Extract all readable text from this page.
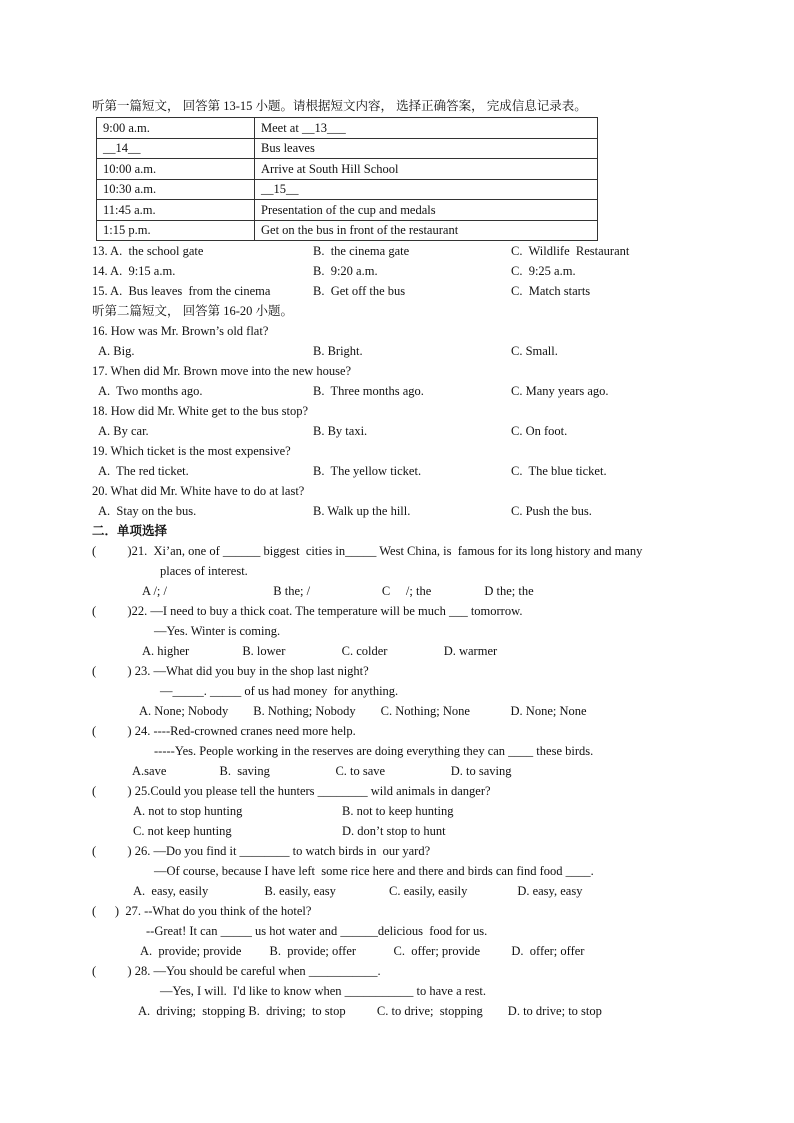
听第一篇短文， 回答第 13-15 小题。请根据短文内容， 选择正确答案， 完成信息记录表。
9:00 a.m.	Meet at __13___
__14__	Bus leaves
10:00 a.m.	Arrive at South Hill School
10:30 a.m.	__15__
11:45 a.m.	Presentation of the cup and medals
1:15 p.m.	Get on the bus in front of the restaurant
13. A.  the school gate	B.  the cinema gate	C.  Wildlife  Restaurant
14. A.  9:15 a.m.	B.  9:20 a.m.	C.  9:25 a.m.
15. A.  Bus leaves  from the cinema	B.  Get off the bus	C.  Match starts
听第二篇短文， 回答第 16-20 小题。
16. How was Mr. Brown’s old flat?
A. Big.	B. Bright.	C. Small.
17. When did Mr. Brown move into the new house?
A.  Two months ago.	B.  Three months ago.	C. Many years ago.
18. How did Mr. White get to the bus stop?
A. By car.	B. By taxi.	C. On foot.
19. Which ticket is the most expensive?
A.  The red ticket.	B.  The yellow ticket.	C.  The blue ticket.
20. What did Mr. White have to do at last?
A.  Stay on the bus.	B. Walk up the hill.	C. Push the bus.
二．单项选择
(          )21.  Xi’an, one of ______ biggest  cities in_____ West China, is  famous for its long history and many
places of interest.
A /; /                                  B the; /                       C     /; the                 D the; the
(          )22. —I need to buy a thick coat. The temperature will be much ___ tomorrow.
—Yes. Winter is coming.
A. higher                 B. lower                  C. colder                  D. warmer
(          ) 23. —What did you buy in the shop last night?
—_____. _____ of us had money  for anything.
A. None; Nobody        B. Nothing; Nobody        C. Nothing; None             D. None; None
(          ) 24. ----Red-crowned cranes need more help.
-----Yes. People working in the reserves are doing everything they can ____ these birds.
A.save                 B.  saving                     C. to save                     D. to saving
(          ) 25.Could you please tell the hunters ________ wild animals in danger?
A. not to stop hunting	B. not to keep hunting
C. not keep hunting	D. don’t stop to hunt
(          ) 26. —Do you find it ________ to watch birds in  our yard?
—Of course, because I have left  some rice here and there and birds can find food ____.
A.  easy, easily                  B. easily, easy                 C. easily, easily                D. easy, easy
(      )  27. --What do you think of the hotel?
--Great! It can _____ us hot water and ______delicious  food for us.
A.  provide; provide         B.  provide; offer            C.  offer; provide          D.  offer; offer
(          ) 28. —You should be careful when ___________.
—Yes, I will.  I'd like to know when ___________ to have a rest.
A.  driving;  stopping B.  driving;  to stop          C. to drive;  stopping        D. to drive; to stop
